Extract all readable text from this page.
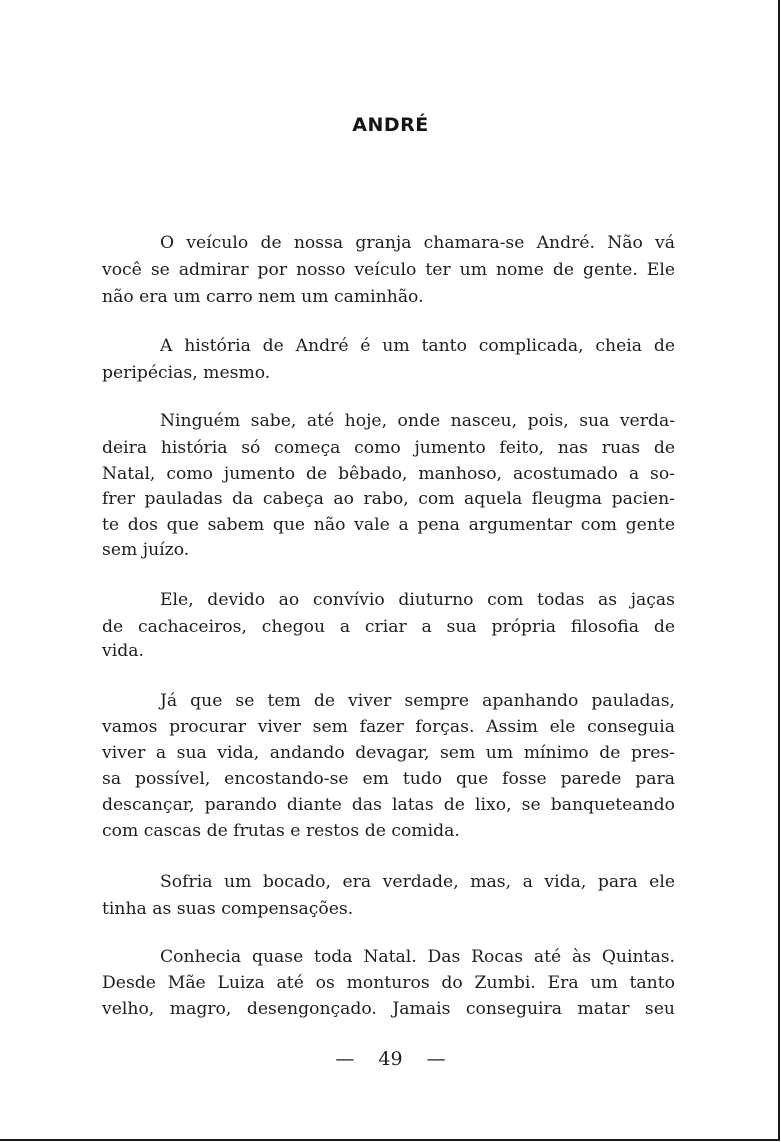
ANDRÉ
O veículo de nossa granja chamara-se André. Não vá
você se admirar por nosso veículo ter um nome de gente. Ele
não era um carro nem um caminhão.
A história de André é um tanto complicada, cheia de
peripécias, mesmo.
Ninguém sabe, até hoje, onde nasceu, pois, sua verda-
deira história só começa como jumento feito, nas ruas de
Natal, como jumento de bêbado, manhoso, acostumado a so-
frer pauladas da cabeça ao rabo, com aquela fleugma pacien-
te dos que sabem que não vale a pena argumentar com gente
sem juízo.
Ele, devido ao convívio diuturno com todas as jaças
de cachaceiros, chegou a criar a sua própria filosofia de
vida.
Já que se tem de viver sempre apanhando pauladas,
vamos procurar viver sem fazer forças. Assim ele conseguia
viver a sua vida, andando devagar, sem um mínimo de pres-
sa possível, encostando-se em tudo que fosse parede para
descançar, parando diante das latas de lixo, se banqueteando
com cascas de frutas e restos de comida.
Sofria um bocado, era verdade, mas, a vida, para ele
tinha as suas compensações.
Conhecia quase toda Natal. Das Rocas até às Quintas.
Desde Mãe Luiza até os monturos do Zumbi. Era um tanto
velho, magro, desengonçado. Jamais conseguira matar seu
— 49 —
